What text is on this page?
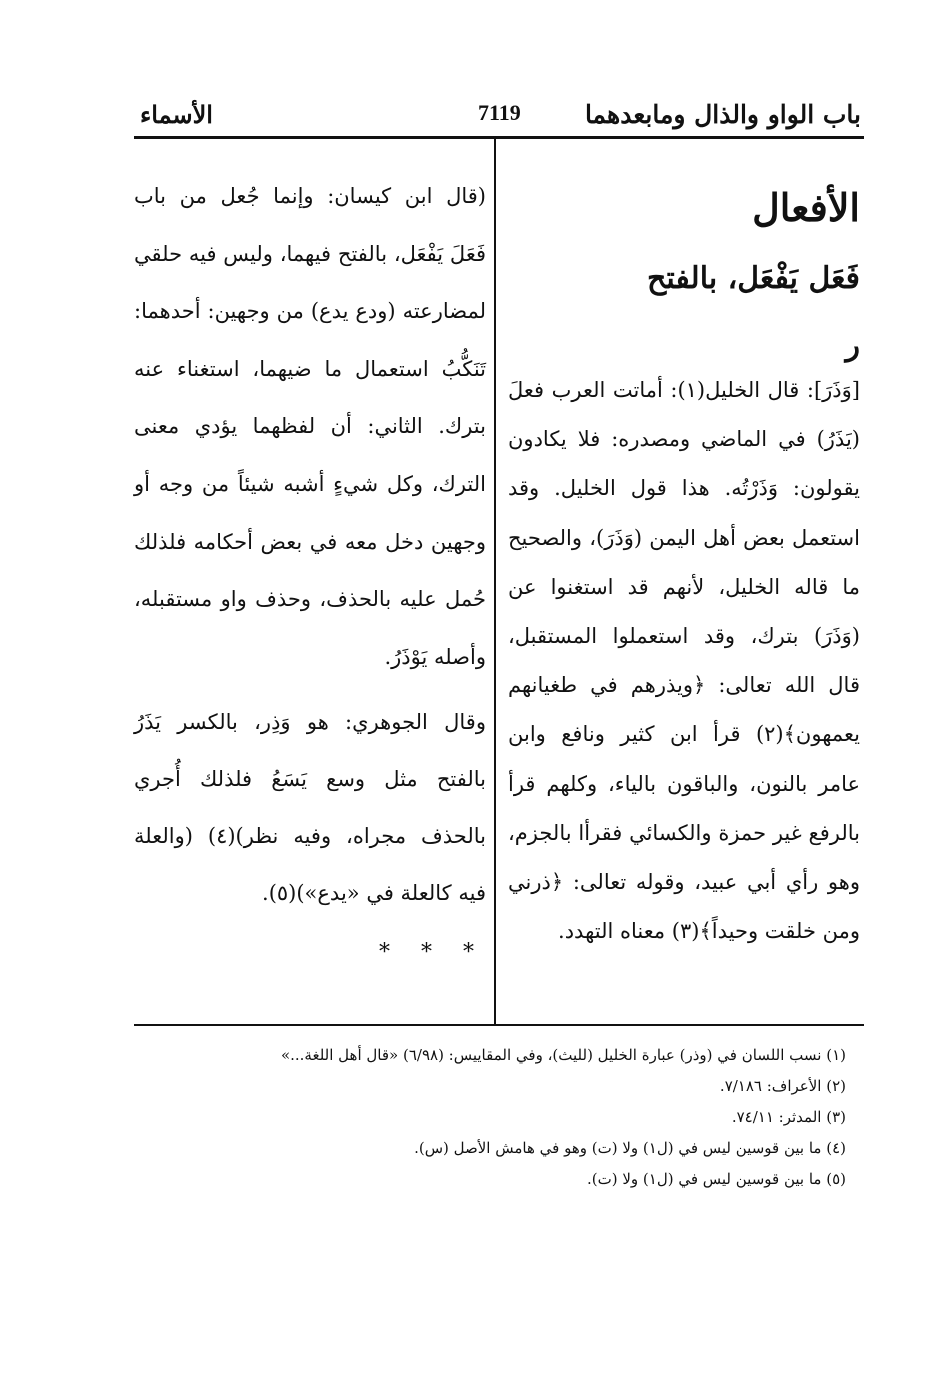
باب الواو والذال ومابعدهما
7119
الأسماء
الأفعال
فَعَل يَفْعَل، بالفتح
ر

[وَذَرَ]: قال الخليل(١): أماتت العرب فعلَ (يَذَرُ) في الماضي ومصدره: فلا يكادون يقولون: وَذَرْتُه. هذا قول الخليل. وقد استعمل بعض أهل اليمن (وَذَرَ)، والصحيح ما قاله الخليل، لأنهم قد استغنوا عن (وَذَرَ) بترك، وقد استعملوا المستقبل، قال الله تعالى: ﴿ويذرهم في طغيانهم يعمهون﴾(٢) قرأ ابن كثير ونافع وابن عامر بالنون، والباقون بالياء، وكلهم قرأ بالرفع غير حمزة والكسائي فقرأا بالجزم، وهو رأي أبي عبيد، وقوله تعالى: ﴿ذرني ومن خلقت وحيداً﴾(٣) معناه التهدد.

(قال ابن كيسان: وإنما جُعل من باب فَعَلَ يَفْعَل، بالفتح فيهما، وليس فيه حلقي لمضارعته (ودع يدع) من وجهين: أحدهما: تَنَكُّبُ استعمال ما ضيهما، استغناء عنه بترك. الثاني: أن لفظهما يؤدي معنى الترك، وكل شيءٍ أشبه شيئاً من وجه أو وجهين دخل معه في بعض أحكامه فلذلك حُمل عليه بالحذف، وحذف واو مستقبله، وأصله يَوْذَرُ.

وقال الجوهري: هو وَذِر، بالكسر يَذَرُ بالفتح مثل وسع يَسَعُ فلذلك أُجري بالحذف مجراه، وفيه نظر)(٤) (والعلة فيه كالعلة في «يدع»)(٥).

* * *

(١) نسب اللسان في (وذر) عبارة الخليل (لليث)، وفي المقاييس: (٦/٩٨) «قال أهل اللغة...»

(٢) الأعراف: ٧/١٨٦.

(٣) المدثر: ٧٤/١١.

(٤) ما بين قوسين ليس في (ل١) ولا (ت) وهو في هامش الأصل (س).

(٥) ما بين قوسين ليس في (ل١) ولا (ت).
